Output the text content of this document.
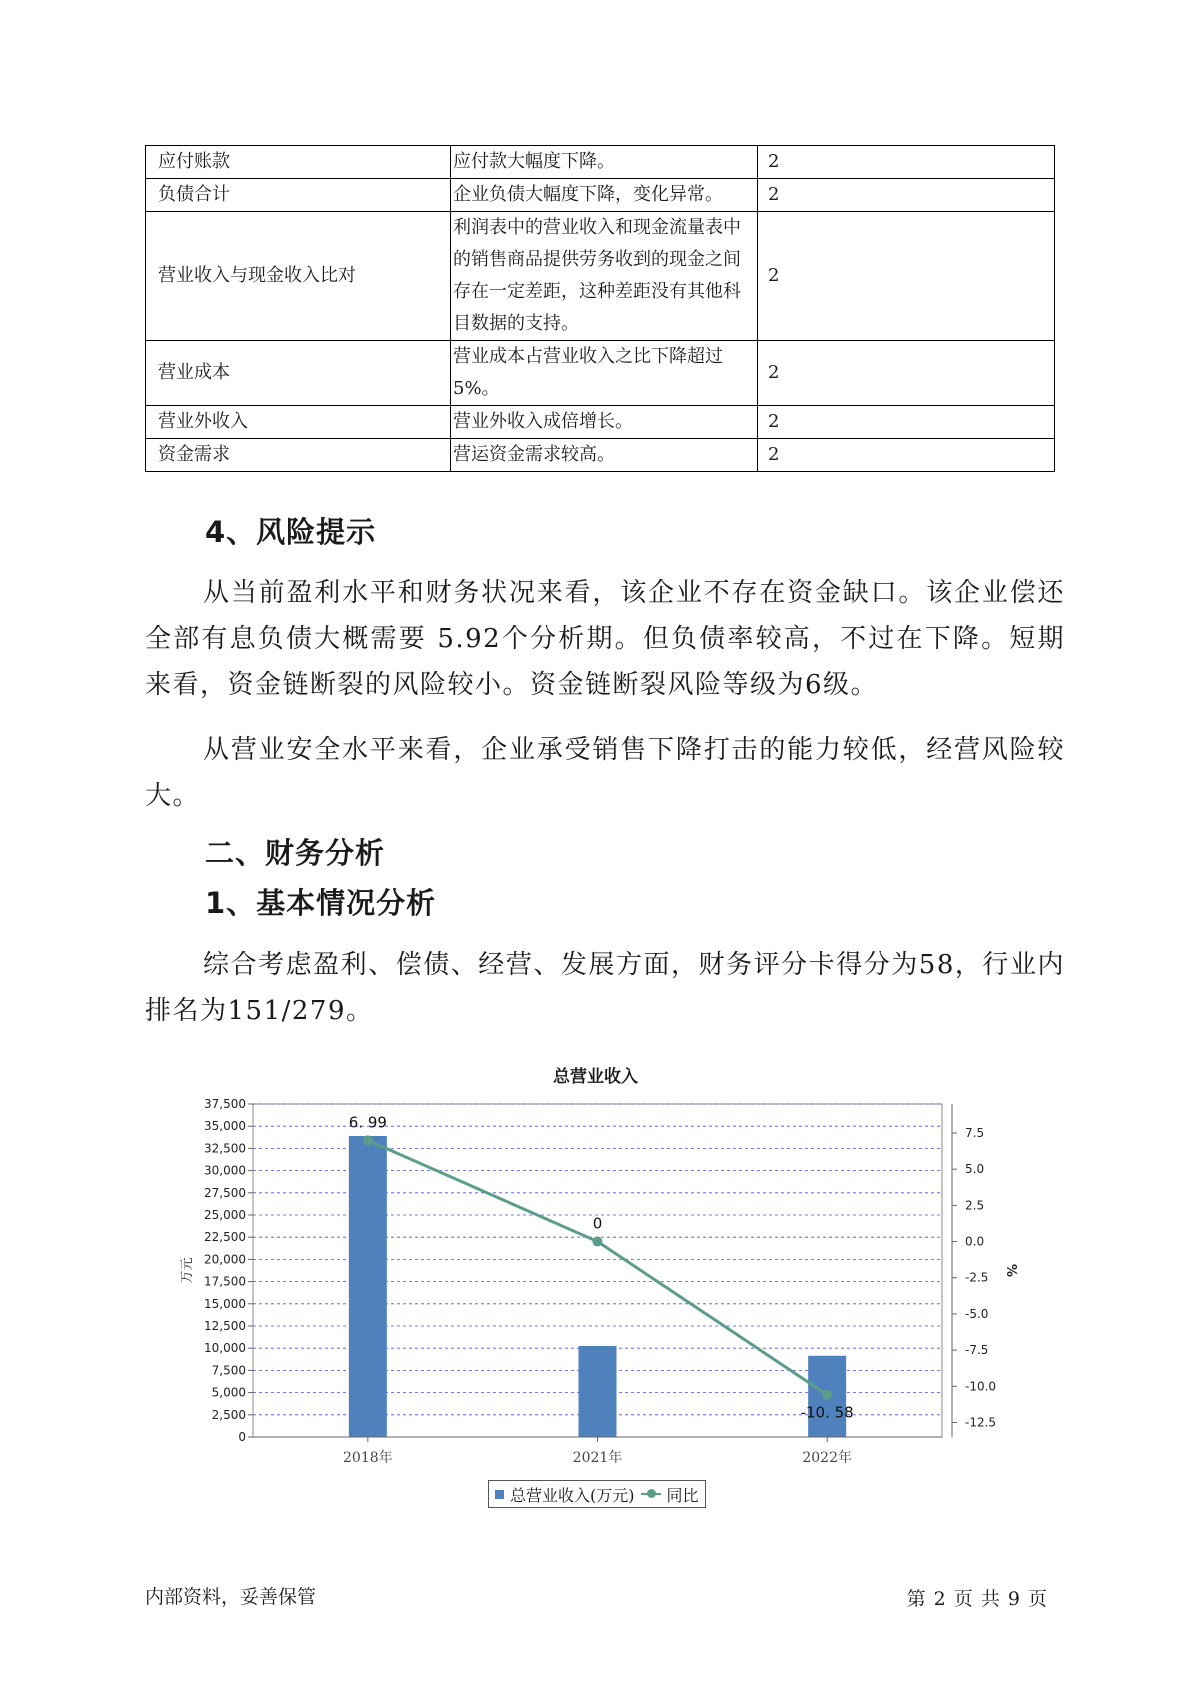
应付账款	应付款大幅度下降。	2
负债合计	企业负债大幅度下降，变化异常。	2
营业收入与现金收入比对	利润表中的营业收入和现金流量表中的销售商品提供劳务收到的现金之间存在一定差距，这种差距没有其他科目数据的支持。	2
营业成本	营业成本占营业收入之比下降超过5%。	2
营业外收入	营业外收入成倍增长。	2
资金需求	营运资金需求较高。	2
4、风险提示
从当前盈利水平和财务状况来看，该企业不存在资金缺口。该企业偿还全部有息负债大概需要 5.92个分析期。但负债率较高，不过在下降。短期来看，资金链断裂的风险较小。资金链断裂风险等级为6级。
从营业安全水平来看，企业承受销售下降打击的能力较低，经营风险较大。
二、财务分析
1、基本情况分析
综合考虑盈利、偿债、经营、发展方面，财务评分卡得分为58，行业内排名为151/279。
总营业收入
0
2,500
5,000
7,500
10,000
12,500
15,000
17,500
20,000
22,500
25,000
27,500
30,000
32,500
35,000
37,500
万元
7.5
5.0
2.5
0.0
-2.5
-5.0
-7.5
-10.0
-12.5
%
2018年	2021年	2022年
6. 99
0
-10. 58
总营业收入(万元) 同比
内部资料，妥善保管	第 2 页 共 9 页
